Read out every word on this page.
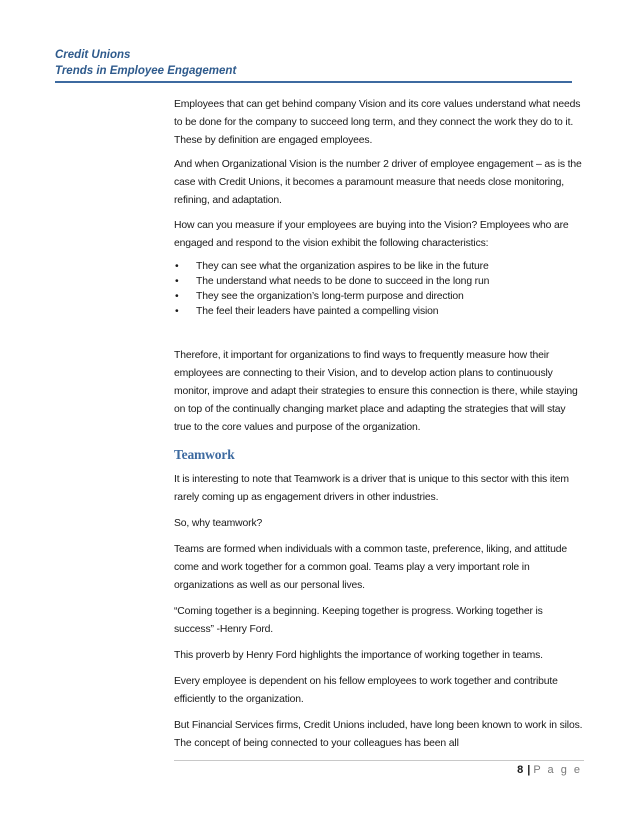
Credit Unions
Trends in Employee Engagement

Employees that can get behind company Vision and its core values understand what needs to be done for the company to succeed long term, and they connect the work they do to it. These by definition are engaged employees.

And when Organizational Vision is the number 2 driver of employee engagement – as is the case with Credit Unions, it becomes a paramount measure that needs close monitoring, refining, and adaptation.

How can you measure if your employees are buying into the Vision? Employees who are engaged and respond to the vision exhibit the following characteristics:

• They can see what the organization aspires to be like in the future
• The understand what needs to be done to succeed in the long run
• They see the organization’s long-term purpose and direction
• The feel their leaders have painted a compelling vision

Therefore, it important for organizations to find ways to frequently measure how their employees are connecting to their Vision, and to develop action plans to continuously monitor, improve and adapt their strategies to ensure this connection is there, while staying on top of the continually changing market place and adapting the strategies that will stay true to the core values and purpose of the organization.

Teamwork

It is interesting to note that Teamwork is a driver that is unique to this sector with this item rarely coming up as engagement drivers in other industries.

So, why teamwork?

Teams are formed when individuals with a common taste, preference, liking, and attitude come and work together for a common goal. Teams play a very important role in organizations as well as our personal lives.

“Coming together is a beginning. Keeping together is progress. Working together is success” -Henry Ford.

This proverb by Henry Ford highlights the importance of working together in teams.

Every employee is dependent on his fellow employees to work together and contribute efficiently to the organization.

But Financial Services firms, Credit Unions included, have long been known to work in silos. The concept of being connected to your colleagues has been all

8 | P a g e
